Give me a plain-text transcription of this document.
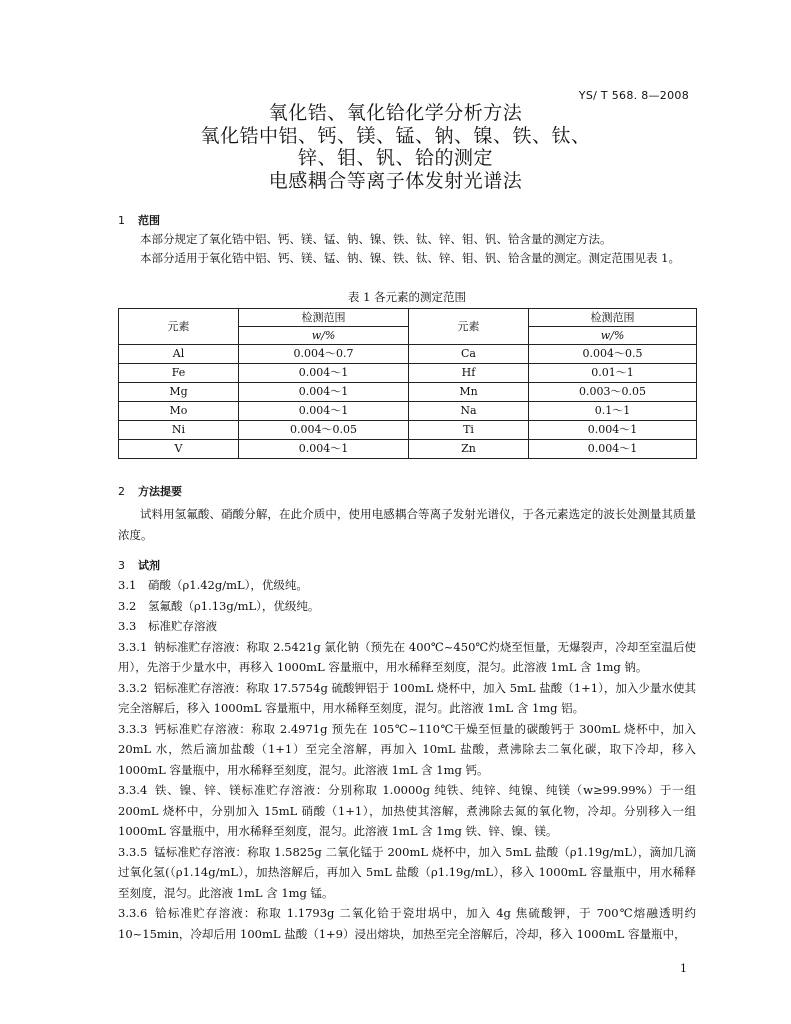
YS/ T 568. 8—2008
氧化锆、氧化铪化学分析方法
氧化锆中铝、钙、镁、锰、钠、镍、铁、钛、
锌、钼、钒、铪的测定
电感耦合等离子体发射光谱法

1 范围

本部分规定了氧化锆中铝、钙、镁、锰、钠、镍、铁、钛、锌、钼、钒、铪含量的测定方法。

本部分适用于氧化锆中铝、钙、镁、锰、钠、镍、铁、钛、锌、钼、钒、铪含量的测定。测定范围见表 1。

表 1 各元素的测定范围

元素	检测范围	元素	检测范围
	w/%		w/%
Al	0.004～0.7	Ca	0.004～0.5
Fe	0.004～1	Hf	0.01～1
Mg	0.004～1	Mn	0.003～0.05
Mo	0.004～1	Na	0.1～1
Ni	0.004～0.05	Ti	0.004～1
V	0.004～1	Zn	0.004～1

2 方法提要

试料用氢氟酸、硝酸分解，在此介质中，使用电感耦合等离子发射光谱仪，于各元素选定的波长处测量其质量浓度。

3 试剂

3.1 硝酸（ρ1.42g/mL），优级纯。

3.2 氢氟酸（ρ1.13g/mL），优级纯。

3.3 标准贮存溶液

3.3.1 钠标准贮存溶液：称取 2.5421g 氯化钠（预先在 400℃~450℃灼烧至恒量，无爆裂声，冷却至室温后使用），先溶于少量水中，再移入 1000mL 容量瓶中，用水稀释至刻度，混匀。此溶液 1mL 含 1mg 钠。

3.3.2 铝标准贮存溶液：称取 17.5754g 硫酸钾铝于 100mL 烧杯中，加入 5mL 盐酸（1+1），加入少量水使其完全溶解后，移入 1000mL 容量瓶中，用水稀释至刻度，混匀。此溶液 1mL 含 1mg 铝。

3.3.3 钙标准贮存溶液：称取 2.4971g 预先在 105℃~110℃干燥至恒量的碳酸钙于 300mL 烧杯中，加入 20mL 水，然后滴加盐酸（1+1）至完全溶解，再加入 10mL 盐酸，煮沸除去二氧化碳，取下冷却，移入 1000mL 容量瓶中，用水稀释至刻度，混匀。此溶液 1mL 含 1mg 钙。

3.3.4 铁、镍、锌、镁标准贮存溶液：分别称取 1.0000g 纯铁、纯锌、纯镍、纯镁（w≥99.99%）于一组 200mL 烧杯中，分别加入 15mL 硝酸（1+1），加热使其溶解，煮沸除去氮的氧化物，冷却。分别移入一组 1000mL 容量瓶中，用水稀释至刻度，混匀。此溶液 1mL 含 1mg 铁、锌、镍、镁。

3.3.5 锰标准贮存溶液：称取 1.5825g 二氧化锰于 200mL 烧杯中，加入 5mL 盐酸（ρ1.19g/mL），滴加几滴过氧化氢(（ρ1.14g/mL），加热溶解后，再加入 5mL 盐酸（ρ1.19g/mL），移入 1000mL 容量瓶中，用水稀释至刻度，混匀。此溶液 1mL 含 1mg 锰。

3.3.6 铪标准贮存溶液：称取 1.1793g 二氧化铪于瓷坩埚中，加入 4g 焦硫酸钾，于 700℃熔融透明约 10~15min，冷却后用 100mL 盐酸（1+9）浸出熔块，加热至完全溶解后，冷却，移入 1000mL 容量瓶中，

1
